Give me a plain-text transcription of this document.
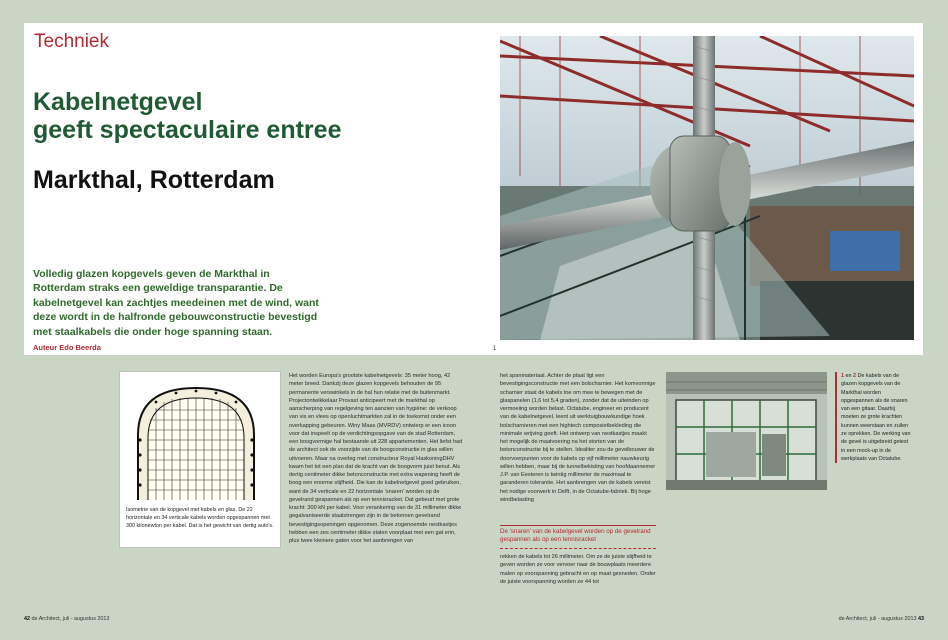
Techniek
Kabelnetgevel
geeft spectaculaire entree
Markthal, Rotterdam

Volledig glazen kopgevels geven de Markthal in Rotterdam straks een geweldige transparantie. De kabelnetgevel kan zachtjes meedeinen met de wind, want deze wordt in de halfronde gebouwconstructie bevestigd met staalkabels die onder hoge spanning staan.

Auteur Edo Beerda	1

Isometrie van de kopgevel met kabels en glas. De 22 horizontale en 34 verticale kabels worden opgespannen met 300 kilonewton per kabel. Dat is het gewicht van dertig auto's.

Het worden Europa's grootste kabelnetgevels: 35 meter hoog, 42 meter breed. Dankzij deze glazen kopgevels behouden de 95 permanente verswinkels in de hal hun relatie met de buitenmarkt. Projectontwikkelaar Provast anticipeert met de markthal op aanscherping van regelgeving ten aanzien van hygiëne: de verkoop van vis en vlees op openluchtmarkten zal in de toekomst onder een overkapping gebeuren. Winy Maas (MVRDV) ontwierp er een icoon voor dat inspeelt op de verdichtingsopgave van de stad Rotterdam, een boogvormige hal bestaande uit 228 appartementen. Het liefst had de architect ook de voorzijde van de boogconstructie in glas willen uitvoeren. Maar na overleg met constructeur Royal HaskoningDHV kwam het tot een plan dat de kracht van de boogvorm juist benut. Als dertig centimeter dikke betonconstructie met extra wapening heeft de boog een enorme stijfheid. Die kan de kabelnetgevel goed gebruiken, want de 34 verticale en 22 horizontale 'snaren' worden op de gevelrand gespannen als op een tennisracket. Dat gebeurt met grote kracht: 300 kN per kabel. Voor verankering van de 31 millimeter dikke gegalvaniseerde staalstrengen zijn in de betonnen gevelrand bevestigingsopeningen opgenomen. Deze zogenoemde nestkastjes hebben een zes centimeter dikke stalen voorplaat met een gat erin, plus twee kleinere gaten voor het aanbrengen van

het spanmateriaal. Achter de plaat ligt een bevestigingsconstructie met een bolscharnier. Het komvormige scharnier staat de kabels toe om mee te bewegen met de glaspanelen (1,6 tot 5,4 graden), zonder dat de uiteinden op vermoeiing worden belast. Octatube, engineer en producent van de kabelnetgevel, leent uit werktuigbouwkundige hoek bolscharnieren met een hightech composietbekleding die minimale wrijving geeft. Het ontwerp van nestkastjes maakt het mogelijk de maatvoering na het storten van de betonconstructie bij te stellen. Idealiter zou de gevelbouwer de doorvoerpunten voor de kabels op vijf millimeter nauwkeurig willen hebben, maar bij de tunnelbekisting van hoofdaannemer J.P. van Eesteren is twintig millimeter de maximaal te garanderen tolerantie. Het aanbrengen van de kabels vereist het nodige voorwerk in Delft, in de Octatube-fabriek. Bij hoge windbelasting

De 'snaren' van de kabelgevel worden op de gevelrand gespannen als op een tennisracket

rekken de kabels tot 26 millimeter. Om ze de juiste stijfheid te geven worden ze voor vervoer naar de bouwplaats meerdere malen op voorspanning gebracht en op maat gesneden. Onder de juiste voorspanning worden ze 44 tot

1 en 2 De kabels van de glazen kopgevels van de Markthal worden opgespannen als de snaren van een gitaar. Daarbij moeten ze grote krachten kunnen weerstaan en zullen ze oprekken. De werking van de gevel is uitgebreid getest in een mock-up in de werkplaats van Octatube.
42 de Architect, juli - augustus 2013	de Architect, juli - augustus 2013 43
